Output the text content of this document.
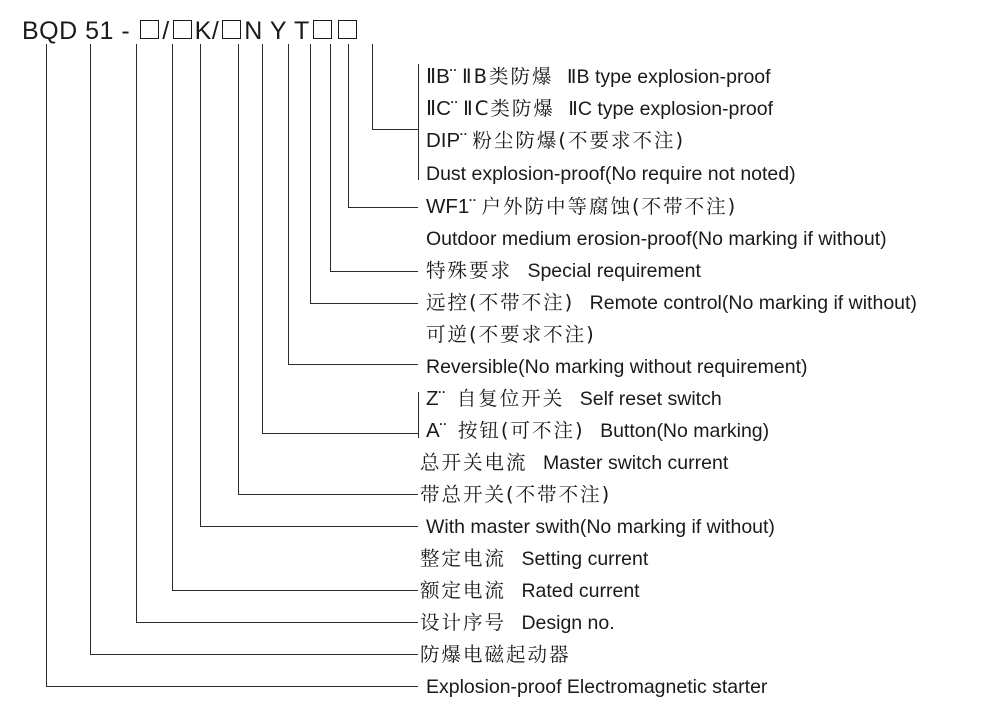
BQD 51 - / K / N Y T
ⅡB¨ ⅡB类防爆 ⅡB type explosion-proof
ⅡC¨ ⅡC类防爆 ⅡC type explosion-proof
DIP¨ 粉尘防爆(不要求不注)
Dust explosion-proof(No require not noted)
WF1¨ 户外防中等腐蚀(不带不注)
Outdoor medium erosion-proof(No marking if without)
特殊要求 Special requirement
远控(不带不注) Remote control(No marking if without)
可逆(不要求不注)
Reversible(No marking without requirement)
Z¨ 自复位开关 Self reset switch
A¨ 按钮(可不注) Button(No marking)
总开关电流 Master switch current
带总开关(不带不注)
With master swith(No marking if without)
整定电流 Setting current
额定电流 Rated current
设计序号 Design no.
防爆电磁起动器
Explosion-proof Electromagnetic starter
